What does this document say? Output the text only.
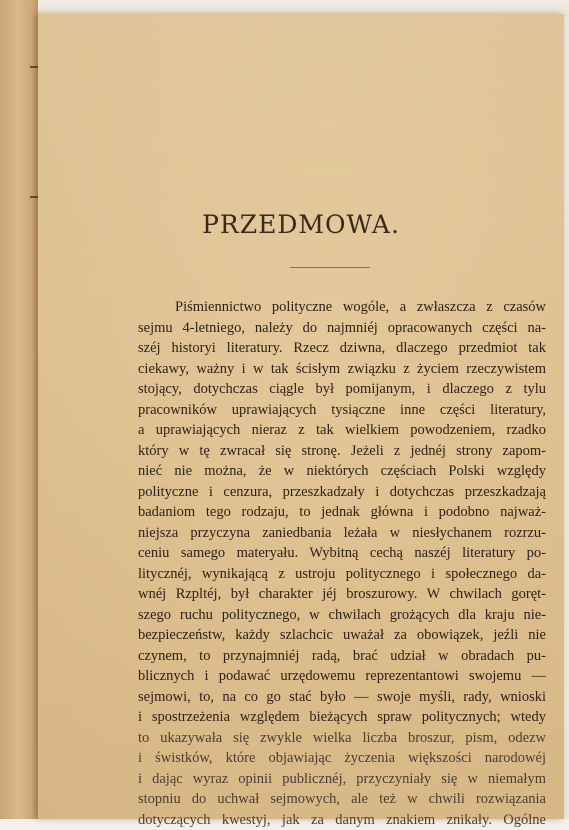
PRZEDMOWA.
Piśmiennictwo polityczne wogóle, a zwłaszcza z czasów
sejmu 4-letniego, należy do najmniéj opracowanych części na-
széj historyi literatury. Rzecz dziwna, dlaczego przedmiot tak
ciekawy, ważny i w tak ścisłym związku z życiem rzeczywistem
stojący, dotychczas ciągle był pomijanym, i dlaczego z tylu
pracowników uprawiających tysiączne inne części literatury,
a uprawiających nieraz z tak wielkiem powodzeniem, rzadko
który w tę zwracał się stronę. Jeżeli z jednéj strony zapom-
nieć nie można, że w niektórych częściach Polski względy
polityczne i cenzura, przeszkadzały i dotychczas przeszkadzają
badaniom tego rodzaju, to jednak główna i podobno najważ-
niejsza przyczyna zaniedbania leżała w niesłychanem rozrzu-
ceniu samego materyału. Wybitną cechą naszéj literatury po-
litycznéj, wynikającą z ustroju politycznego i społecznego da-
wnéj Rzpltéj, był charakter jéj broszurowy. W chwilach goręt-
szego ruchu politycznego, w chwilach grożących dla kraju nie-
bezpieczeństw, każdy szlachcic uważał za obowiązek, jeźli nie
czynem, to przynajmniéj radą, brać udział w obradach pu-
blicznych i podawać urzędowemu reprezentantowi swojemu —
sejmowi, to, na co go stać było — swoje myśli, rady, wnioski
i spostrzeżenia względem bieżących spraw politycznych; wtedy
to ukazywała się zwykle wielka liczba broszur, pism, odezw
i świstków, które objawiając życzenia większości narodowéj
i dając wyraz opinii publicznéj, przyczyniały się w niemałym
stopniu do uchwał sejmowych, ale też w chwili rozwiązania
dotyczących kwestyj, jak za danym znakiem znikały. Ogólne
